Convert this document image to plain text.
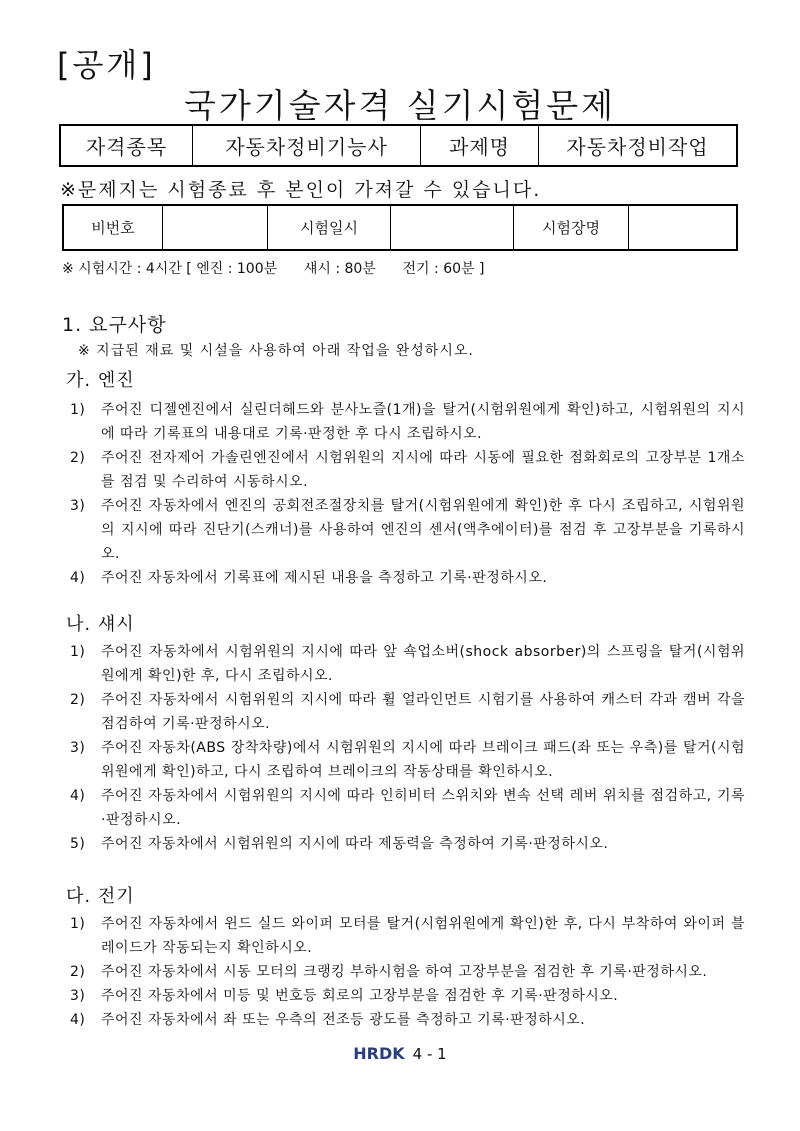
[공개]
국가기술자격 실기시험문제
자격종목	자동차정비기능사	과제명	자동차정비작업
※문제지는 시험종료 후 본인이 가져갈 수 있습니다.
비번호		시험일시		시험장명	
※ 시험시간 : 4시간 [ 엔진 : 100분      섀시 : 80분      전기 : 60분 ]
1. 요구사항
※ 지급된 재료 및 시설을 사용하여 아래 작업을 완성하시오.
가. 엔진
1) 주어진 디젤엔진에서 실린더헤드와 분사노즐(1개)을 탈거(시험위원에게 확인)하고, 시험위원의 지시에 따라 기록표의 내용대로 기록·판정한 후 다시 조립하시오.
2) 주어진 전자제어 가솔린엔진에서 시험위원의 지시에 따라 시동에 필요한 점화회로의 고장부분 1개소를 점검 및 수리하여 시동하시오.
3) 주어진 자동차에서 엔진의 공회전조절장치를 탈거(시험위원에게 확인)한 후 다시 조립하고, 시험위원의 지시에 따라 진단기(스캐너)를 사용하여 엔진의 센서(액추에이터)를 점검 후 고장부분을 기록하시오.
4) 주어진 자동차에서 기록표에 제시된 내용을 측정하고 기록·판정하시오.
나. 섀시
1) 주어진 자동차에서 시험위원의 지시에 따라 앞 쇽업소버(shock absorber)의 스프링을 탈거(시험위원에게 확인)한 후, 다시 조립하시오.
2) 주어진 자동차에서 시험위원의 지시에 따라 휠 얼라인먼트 시험기를 사용하여 캐스터 각과 캠버 각을 점검하여 기록·판정하시오.
3) 주어진 자동차(ABS 장착차량)에서 시험위원의 지시에 따라 브레이크 패드(좌 또는 우측)를 탈거(시험위원에게 확인)하고, 다시 조립하여 브레이크의 작동상태를 확인하시오.
4) 주어진 자동차에서 시험위원의 지시에 따라 인히비터 스위치와 변속 선택 레버 위치를 점검하고, 기록·판정하시오.
5) 주어진 자동차에서 시험위원의 지시에 따라 제동력을 측정하여 기록·판정하시오.
다. 전기
1) 주어진 자동차에서 윈드 실드 와이퍼 모터를 탈거(시험위원에게 확인)한 후, 다시 부착하여 와이퍼 블레이드가 작동되는지 확인하시오.
2) 주어진 자동차에서 시동 모터의 크랭킹 부하시험을 하여 고장부분을 점검한 후 기록·판정하시오.
3) 주어진 자동차에서 미등 및 번호등 회로의 고장부분을 점검한 후 기록·판정하시오.
4) 주어진 자동차에서 좌 또는 우측의 전조등 광도를 측정하고 기록·판정하시오.
HRDK 4 - 1
